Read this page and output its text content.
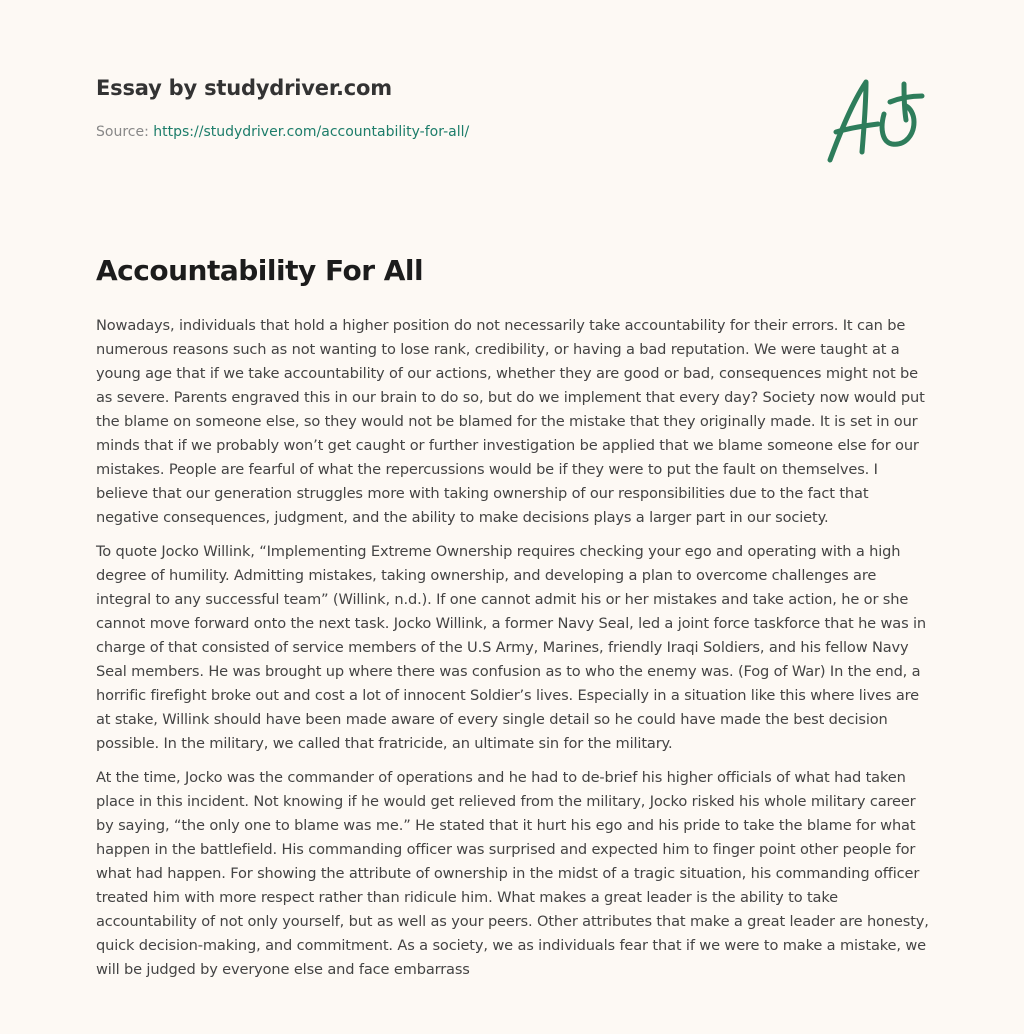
Essay by studydriver.com
Source: https://studydriver.com/accountability-for-all/
Accountability For All

Nowadays, individuals that hold a higher position do not necessarily take accountability for their errors. It can be numerous reasons such as not wanting to lose rank, credibility, or having a bad reputation. We were taught at a young age that if we take accountability of our actions, whether they are good or bad, consequences might not be as severe. Parents engraved this in our brain to do so, but do we implement that every day? Society now would put the blame on someone else, so they would not be blamed for the mistake that they originally made. It is set in our minds that if we probably won’t get caught or further investigation be applied that we blame someone else for our mistakes. People are fearful of what the repercussions would be if they were to put the fault on themselves. I believe that our generation struggles more with taking ownership of our responsibilities due to the fact that negative consequences, judgment, and the ability to make decisions plays a larger part in our society.

To quote Jocko Willink, “Implementing Extreme Ownership requires checking your ego and operating with a high degree of humility. Admitting mistakes, taking ownership, and developing a plan to overcome challenges are integral to any successful team” (Willink, n.d.). If one cannot admit his or her mistakes and take action, he or she cannot move forward onto the next task. Jocko Willink, a former Navy Seal, led a joint force taskforce that he was in charge of that consisted of service members of the U.S Army, Marines, friendly Iraqi Soldiers, and his fellow Navy Seal members. He was brought up where there was confusion as to who the enemy was. (Fog of War) In the end, a horrific firefight broke out and cost a lot of innocent Soldier’s lives. Especially in a situation like this where lives are at stake, Willink should have been made aware of every single detail so he could have made the best decision possible. In the military, we called that fratricide, an ultimate sin for the military.

At the time, Jocko was the commander of operations and he had to de-brief his higher officials of what had taken place in this incident. Not knowing if he would get relieved from the military, Jocko risked his whole military career by saying, “the only one to blame was me.” He stated that it hurt his ego and his pride to take the blame for what happen in the battlefield. His commanding officer was surprised and expected him to finger point other people for what had happen. For showing the attribute of ownership in the midst of a tragic situation, his commanding officer treated him with more respect rather than ridicule him. What makes a great leader is the ability to take accountability of not only yourself, but as well as your peers. Other attributes that make a great leader are honesty, quick decision-making, and commitment. As a society, we as individuals fear that if we were to make a mistake, we will be judged by everyone else and face embarrass
